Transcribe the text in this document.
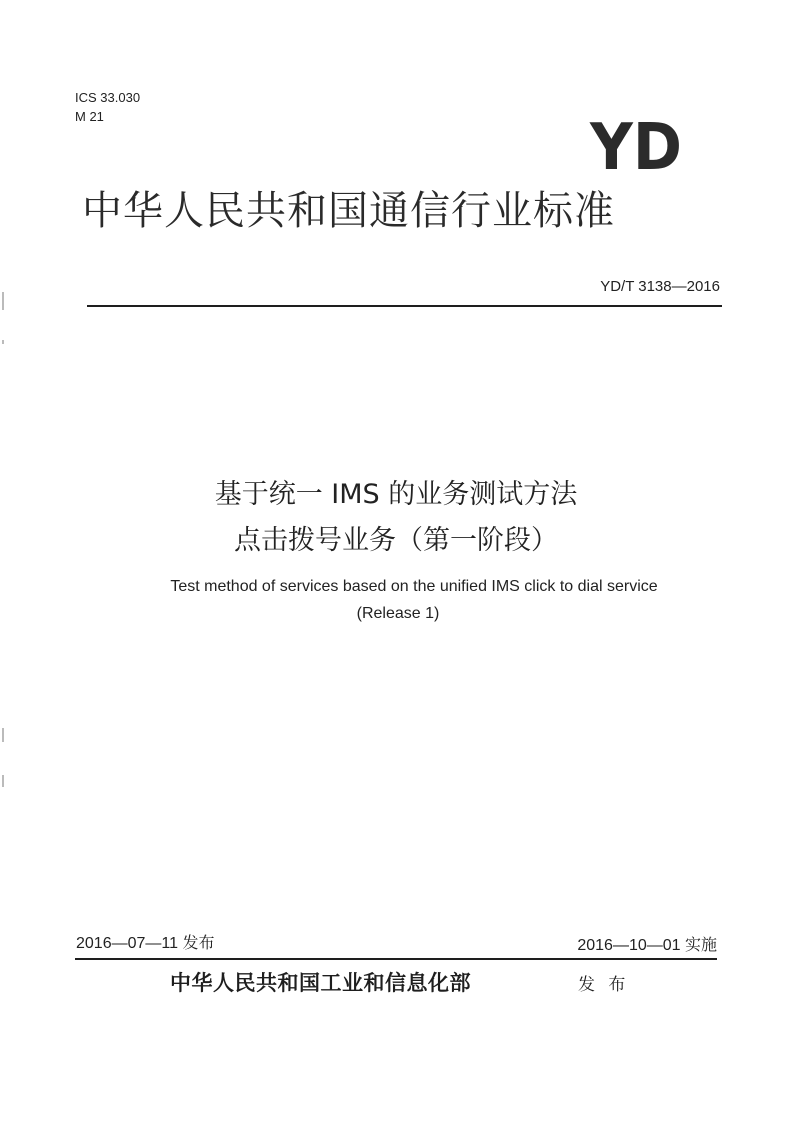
ICS 33.030
M 21	YD
中华人民共和国通信行业标准
YD/T 3138—2016
基于统一 IMS 的业务测试方法
点击拨号业务（第一阶段）
Test method of services based on the unified IMS click to dial service
(Release 1)
2016—07—11 发布	2016—10—01 实施
中华人民共和国工业和信息化部	发 布
